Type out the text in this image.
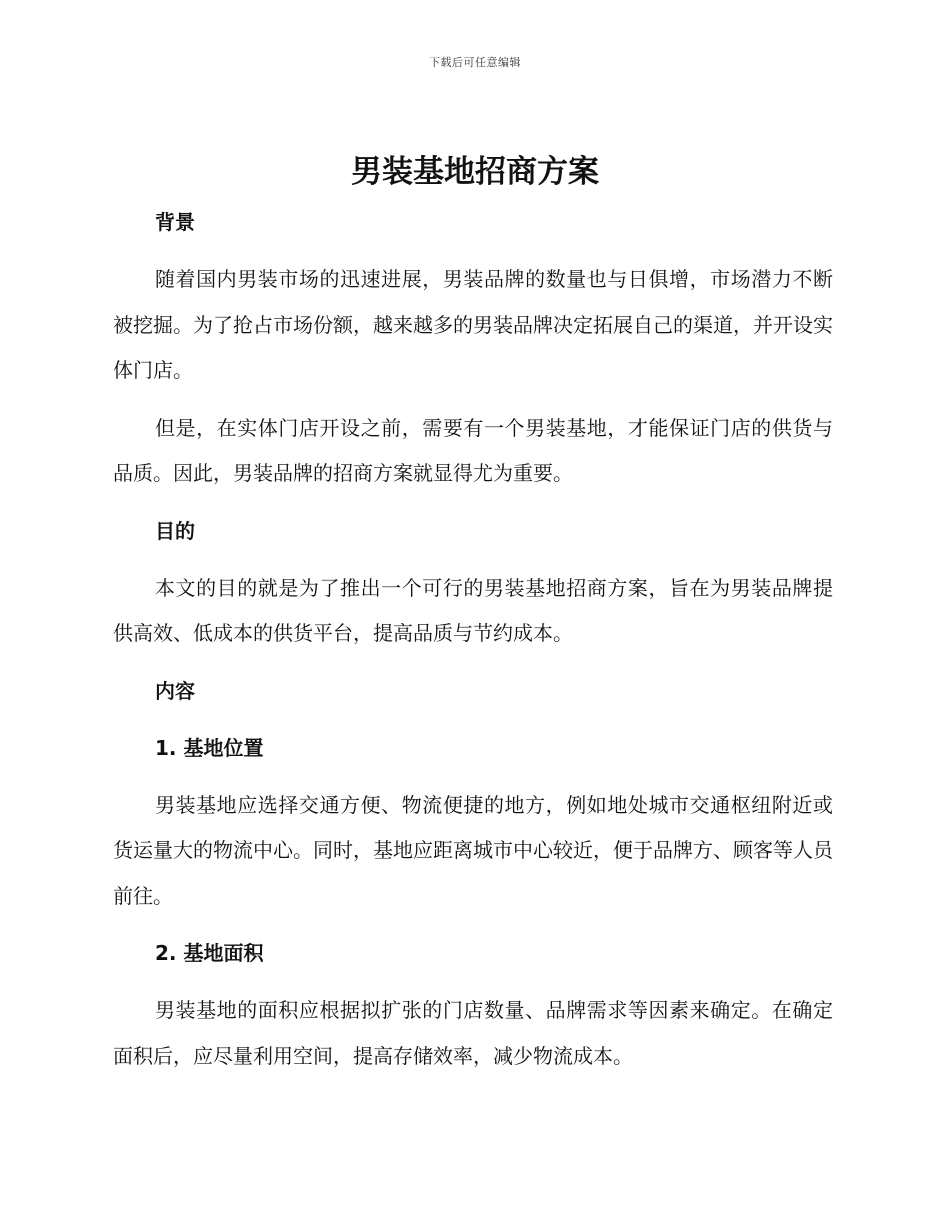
下载后可任意编辑
男装基地招商方案
背景

随着国内男装市场的迅速进展，男装品牌的数量也与日俱增，市场潜力不断被挖掘。为了抢占市场份额，越来越多的男装品牌决定拓展自己的渠道，并开设实体门店。

但是，在实体门店开设之前，需要有一个男装基地，才能保证门店的供货与品质。因此，男装品牌的招商方案就显得尤为重要。

目的

本文的目的就是为了推出一个可行的男装基地招商方案，旨在为男装品牌提供高效、低成本的供货平台，提高品质与节约成本。

内容
1. 基地位置

男装基地应选择交通方便、物流便捷的地方，例如地处城市交通枢纽附近或货运量大的物流中心。同时，基地应距离城市中心较近，便于品牌方、顾客等人员前往。

2. 基地面积

男装基地的面积应根据拟扩张的门店数量、品牌需求等因素来确定。在确定面积后，应尽量利用空间，提高存储效率，减少物流成本。
